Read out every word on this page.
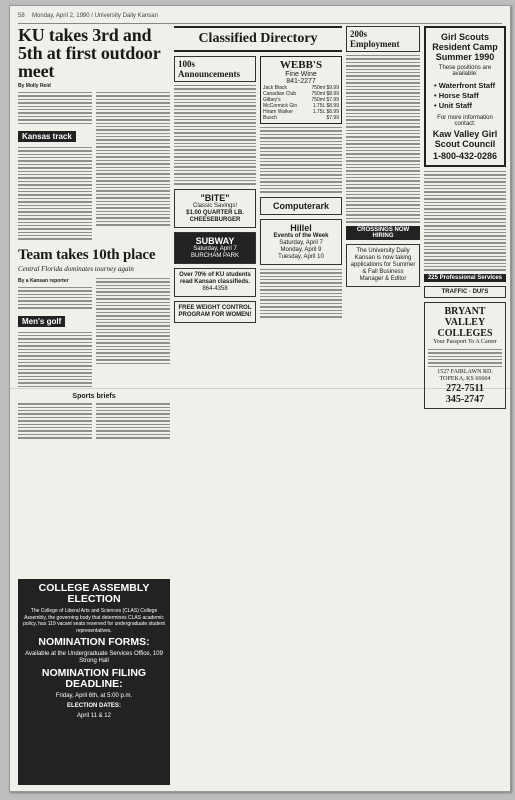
58 Monday, April 2, 1990 / University Daily Kansan
KU takes 3rd and 5th at first outdoor meet
By Molly Reid
Kansas track
Team takes 10th place
Central Florida dominates tourney again
By a Kansan reporter
Men's golf
Sports briefs
COLLEGE ASSEMBLY ELECTION
The College of Liberal Arts and Sciences (CLAS) College Assembly, the governing body that determines CLAS academic policy, has 119 vacant seats reserved for undergraduate student representatives.
NOMINATION FORMS:
Available at the Undergraduate Services Office, 109 Strong Hall
NOMINATION FILING DEADLINE:
Friday, April 6th, at 5:00 p.m.
ELECTION DATES:
April 11 & 12
Classified Directory
100s Announcements
"BITE"
Classic Savings!
$1.00 QUARTER LB. CHEESEBURGER
SUBWAY
Saturday, April 7
BURCHAM PARK
Over 70% of KU students read Kansan classifieds.
864-4358
FREE WEIGHT CONTROL PROGRAM FOR WOMEN!
WEBB'S
Fine Wine
841-2277
Jack Black	750ml $9.99
Canadian Club	750ml $8.99
Gilbey's	750ml $7.99
McCormick Gin	1.75L $8.99
Hiram Walker	1.75L $8.99
Busch	$7.99
Computerark
Hillel
Events of the Week
Saturday, April 7
Monday, April 9
Tuesday, April 10
200s Employment
CROSSINGS NOW HIRING
The University Daily Kansan is now taking applications for Summer & Fall Business Manager & Editor
Girl Scouts Resident Camp Summer 1990
These positions are available:
• Waterfront Staff
• Horse Staff
• Unit Staff
For more information contact:
Kaw Valley Girl Scout Council
1-800-432-0286
225 Professional Services
TRAFFIC · DUI'S
BRYANT VALLEY COLLEGES
Your Passport To A Career
1527 FAIRLAWN RD. TOPEKA, KS 66604
272-7511
345-2747
